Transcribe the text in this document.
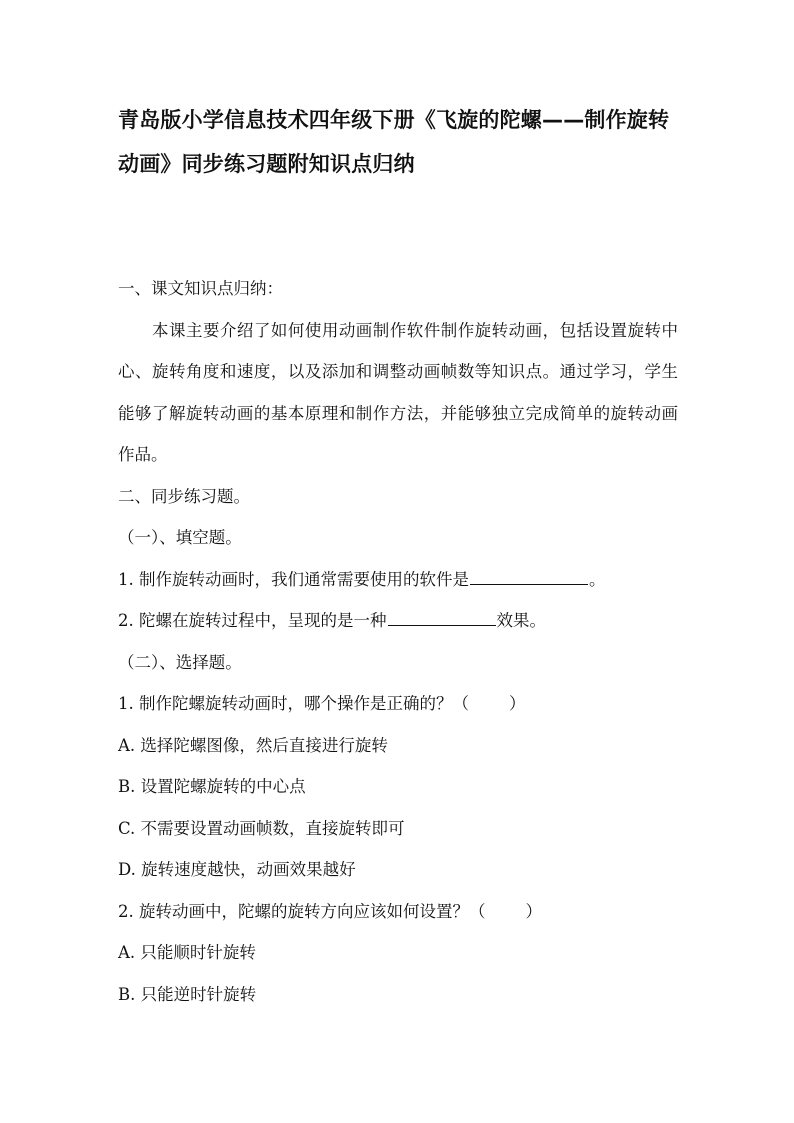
青岛版小学信息技术四年级下册《飞旋的陀螺——制作旋转动画》同步练习题附知识点归纳
一、课文知识点归纳：

本课主要介绍了如何使用动画制作软件制作旋转动画，包括设置旋转中心、旋转角度和速度，以及添加和调整动画帧数等知识点。通过学习，学生能够了解旋转动画的基本原理和制作方法，并能够独立完成简单的旋转动画作品。

二、同步练习题。
（一）、填空题。
1. 制作旋转动画时，我们通常需要使用的软件是	。
2. 陀螺在旋转过程中，呈现的是一种	效果。
（二）、选择题。
1. 制作陀螺旋转动画时，哪个操作是正确的？（ ）
A. 选择陀螺图像，然后直接进行旋转
B. 设置陀螺旋转的中心点
C. 不需要设置动画帧数，直接旋转即可
D. 旋转速度越快，动画效果越好
2. 旋转动画中，陀螺的旋转方向应该如何设置？（ ）
A. 只能顺时针旋转
B. 只能逆时针旋转
